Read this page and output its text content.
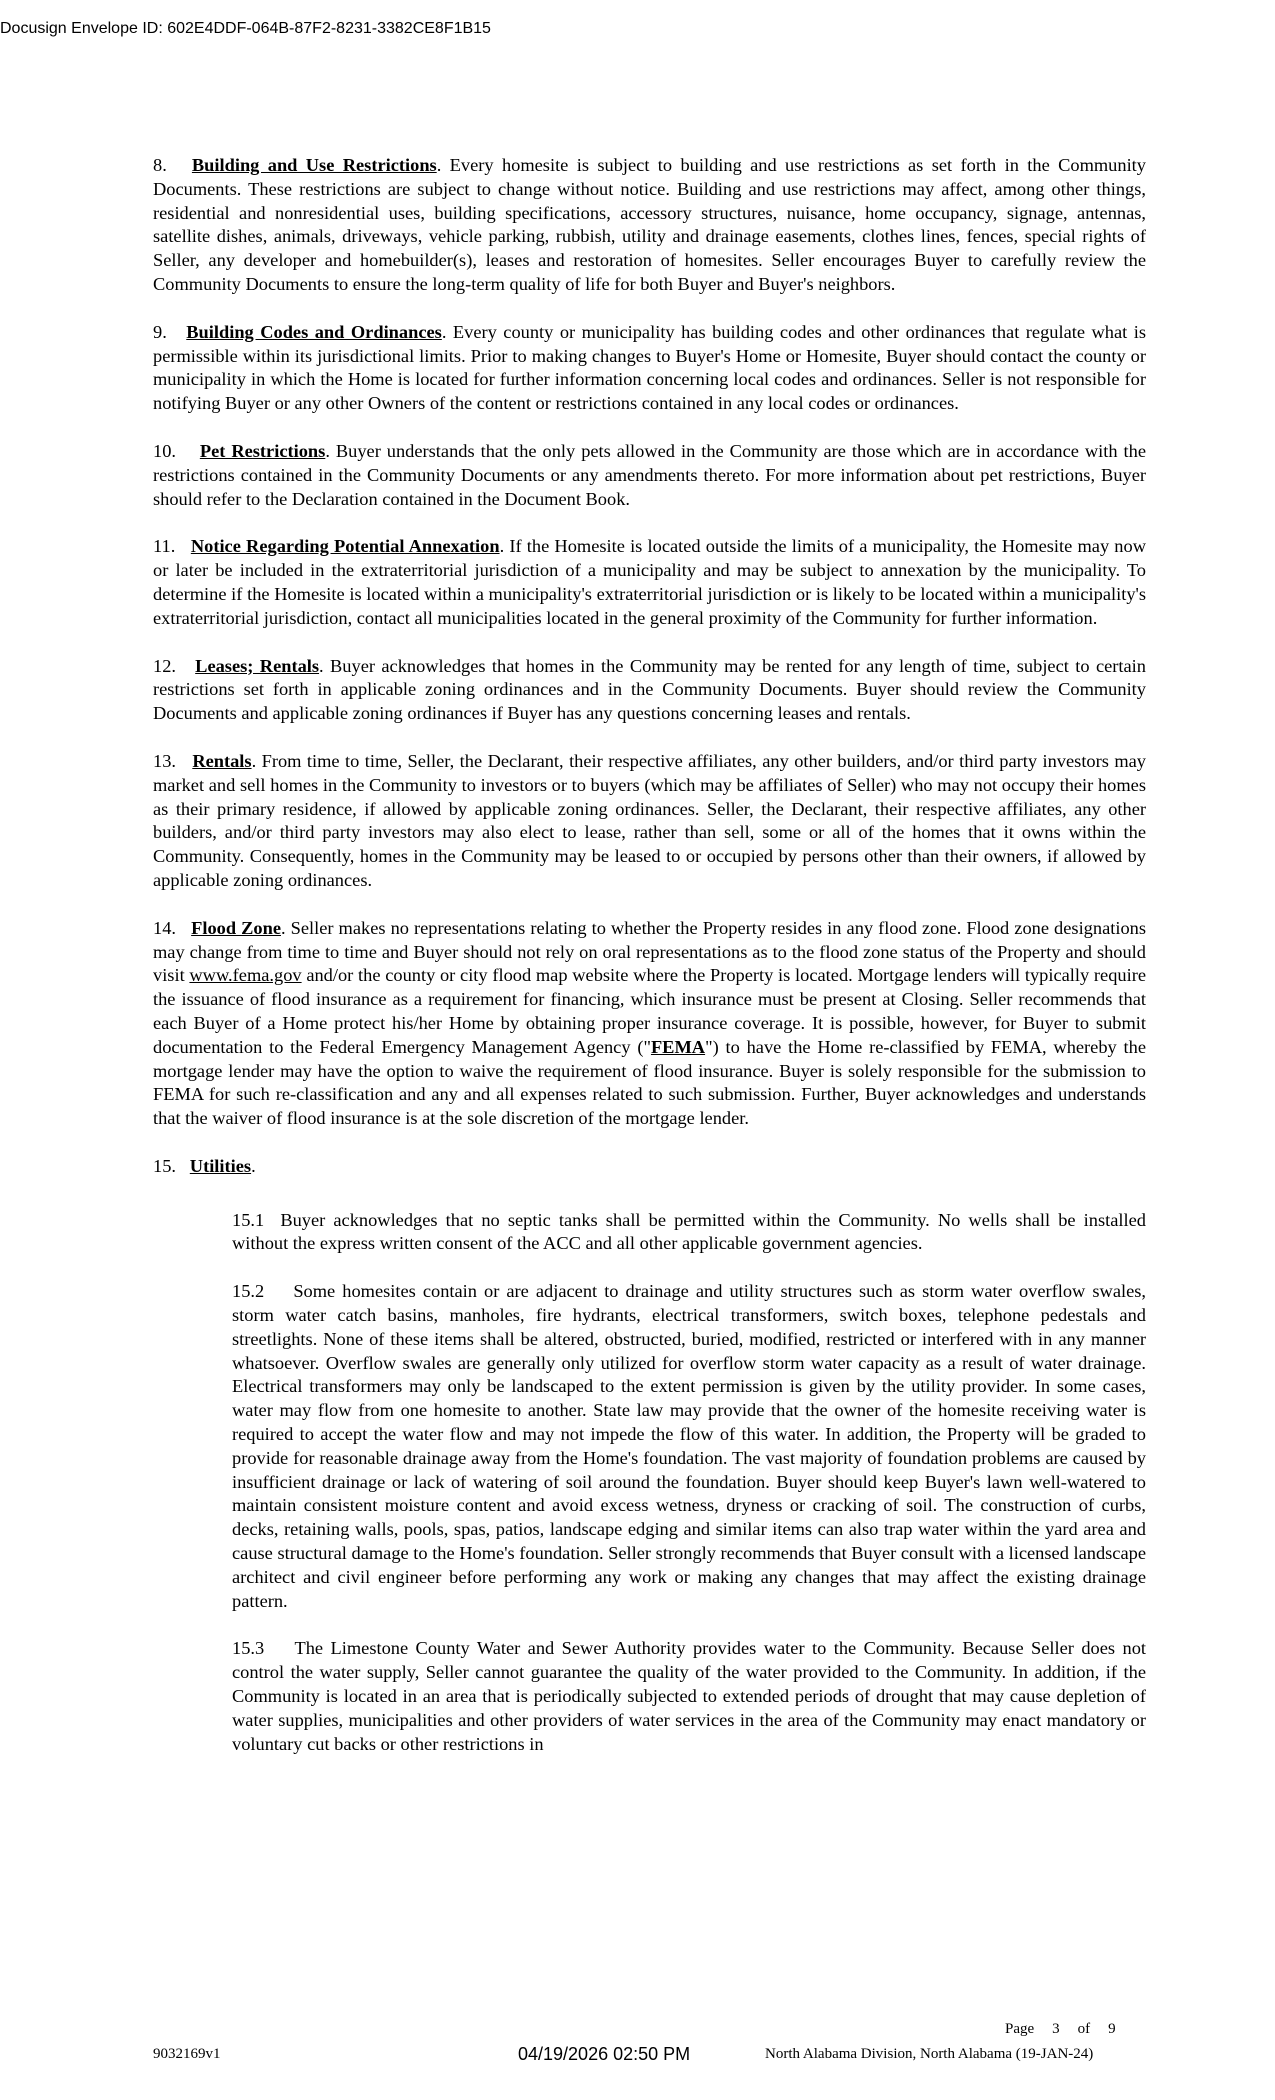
Docusign Envelope ID: 602E4DDF-064B-87F2-8231-3382CE8F1B15

8. Building and Use Restrictions. Every homesite is subject to building and use restrictions as set forth in the Community Documents. These restrictions are subject to change without notice. Building and use restrictions may affect, among other things, residential and nonresidential uses, building specifications, accessory structures, nuisance, home occupancy, signage, antennas, satellite dishes, animals, driveways, vehicle parking, rubbish, utility and drainage easements, clothes lines, fences, special rights of Seller, any developer and homebuilder(s), leases and restoration of homesites. Seller encourages Buyer to carefully review the Community Documents to ensure the long-term quality of life for both Buyer and Buyer's neighbors.

9. Building Codes and Ordinances. Every county or municipality has building codes and other ordinances that regulate what is permissible within its jurisdictional limits. Prior to making changes to Buyer's Home or Homesite, Buyer should contact the county or municipality in which the Home is located for further information concerning local codes and ordinances. Seller is not responsible for notifying Buyer or any other Owners of the content or restrictions contained in any local codes or ordinances.

10. Pet Restrictions. Buyer understands that the only pets allowed in the Community are those which are in accordance with the restrictions contained in the Community Documents or any amendments thereto. For more information about pet restrictions, Buyer should refer to the Declaration contained in the Document Book.

11. Notice Regarding Potential Annexation. If the Homesite is located outside the limits of a municipality, the Homesite may now or later be included in the extraterritorial jurisdiction of a municipality and may be subject to annexation by the municipality. To determine if the Homesite is located within a municipality's extraterritorial jurisdiction or is likely to be located within a municipality's extraterritorial jurisdiction, contact all municipalities located in the general proximity of the Community for further information.

12. Leases; Rentals. Buyer acknowledges that homes in the Community may be rented for any length of time, subject to certain restrictions set forth in applicable zoning ordinances and in the Community Documents. Buyer should review the Community Documents and applicable zoning ordinances if Buyer has any questions concerning leases and rentals.

13. Rentals. From time to time, Seller, the Declarant, their respective affiliates, any other builders, and/or third party investors may market and sell homes in the Community to investors or to buyers (which may be affiliates of Seller) who may not occupy their homes as their primary residence, if allowed by applicable zoning ordinances. Seller, the Declarant, their respective affiliates, any other builders, and/or third party investors may also elect to lease, rather than sell, some or all of the homes that it owns within the Community. Consequently, homes in the Community may be leased to or occupied by persons other than their owners, if allowed by applicable zoning ordinances.

14. Flood Zone. Seller makes no representations relating to whether the Property resides in any flood zone. Flood zone designations may change from time to time and Buyer should not rely on oral representations as to the flood zone status of the Property and should visit www.fema.gov and/or the county or city flood map website where the Property is located. Mortgage lenders will typically require the issuance of flood insurance as a requirement for financing, which insurance must be present at Closing. Seller recommends that each Buyer of a Home protect his/her Home by obtaining proper insurance coverage. It is possible, however, for Buyer to submit documentation to the Federal Emergency Management Agency ("FEMA") to have the Home re-classified by FEMA, whereby the mortgage lender may have the option to waive the requirement of flood insurance. Buyer is solely responsible for the submission to FEMA for such re-classification and any and all expenses related to such submission. Further, Buyer acknowledges and understands that the waiver of flood insurance is at the sole discretion of the mortgage lender.

15. Utilities.

15.1 Buyer acknowledges that no septic tanks shall be permitted within the Community. No wells shall be installed without the express written consent of the ACC and all other applicable government agencies.

15.2 Some homesites contain or are adjacent to drainage and utility structures such as storm water overflow swales, storm water catch basins, manholes, fire hydrants, electrical transformers, switch boxes, telephone pedestals and streetlights. None of these items shall be altered, obstructed, buried, modified, restricted or interfered with in any manner whatsoever. Overflow swales are generally only utilized for overflow storm water capacity as a result of water drainage. Electrical transformers may only be landscaped to the extent permission is given by the utility provider. In some cases, water may flow from one homesite to another. State law may provide that the owner of the homesite receiving water is required to accept the water flow and may not impede the flow of this water. In addition, the Property will be graded to provide for reasonable drainage away from the Home's foundation. The vast majority of foundation problems are caused by insufficient drainage or lack of watering of soil around the foundation. Buyer should keep Buyer's lawn well-watered to maintain consistent moisture content and avoid excess wetness, dryness or cracking of soil. The construction of curbs, decks, retaining walls, pools, spas, patios, landscape edging and similar items can also trap water within the yard area and cause structural damage to the Home's foundation. Seller strongly recommends that Buyer consult with a licensed landscape architect and civil engineer before performing any work or making any changes that may affect the existing drainage pattern.

15.3 The Limestone County Water and Sewer Authority provides water to the Community. Because Seller does not control the water supply, Seller cannot guarantee the quality of the water provided to the Community. In addition, if the Community is located in an area that is periodically subjected to extended periods of drought that may cause depletion of water supplies, municipalities and other providers of water services in the area of the Community may enact mandatory or voluntary cut backs or other restrictions in

Page 3 of 9
9032169v1	04/19/2026 02:50 PM	North Alabama Division, North Alabama (19-JAN-24)
